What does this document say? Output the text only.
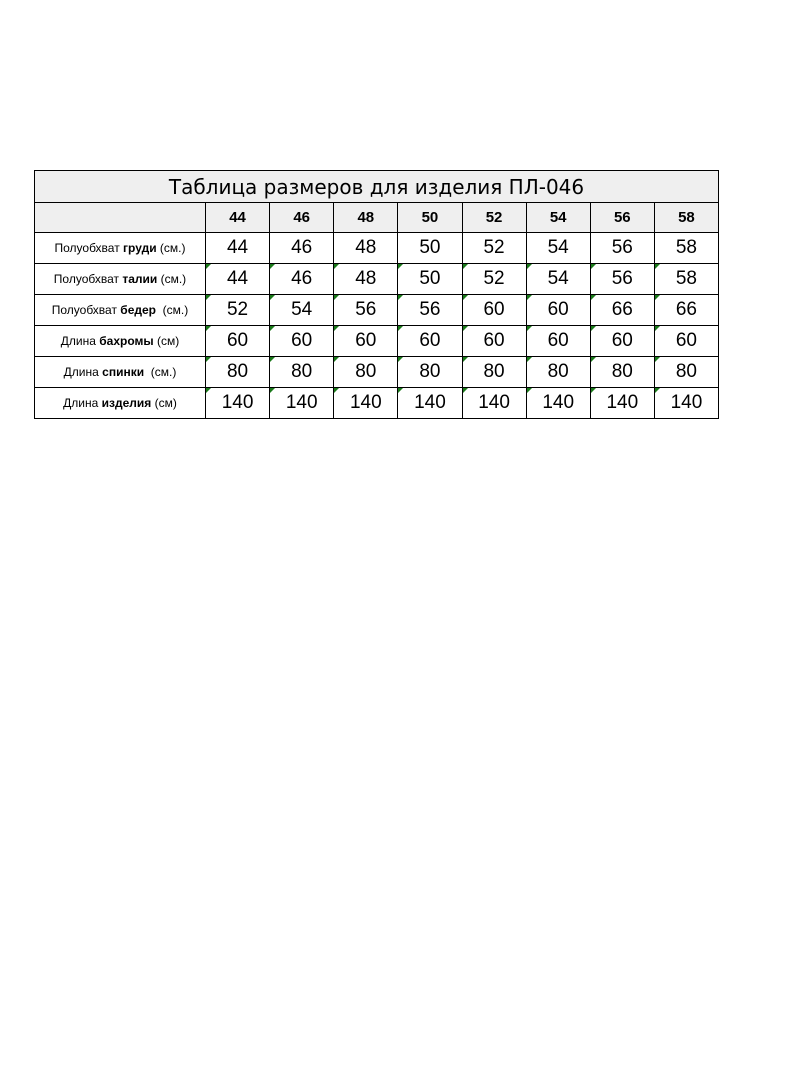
Таблица размеров для изделия ПЛ-046								
	44	46	48	50	52	54	56	58
Полуобхват груди (см.)	44	46	48	50	52	54	56	58
Полуобхват талии (см.)	44	46	48	50	52	54	56	58
Полуобхват бедер  (см.)	52	54	56	56	60	60	66	66
Длина бахромы (см)	60	60	60	60	60	60	60	60
Длина спинки  (см.)	80	80	80	80	80	80	80	80
Длина изделия (см)	140	140	140	140	140	140	140	140
